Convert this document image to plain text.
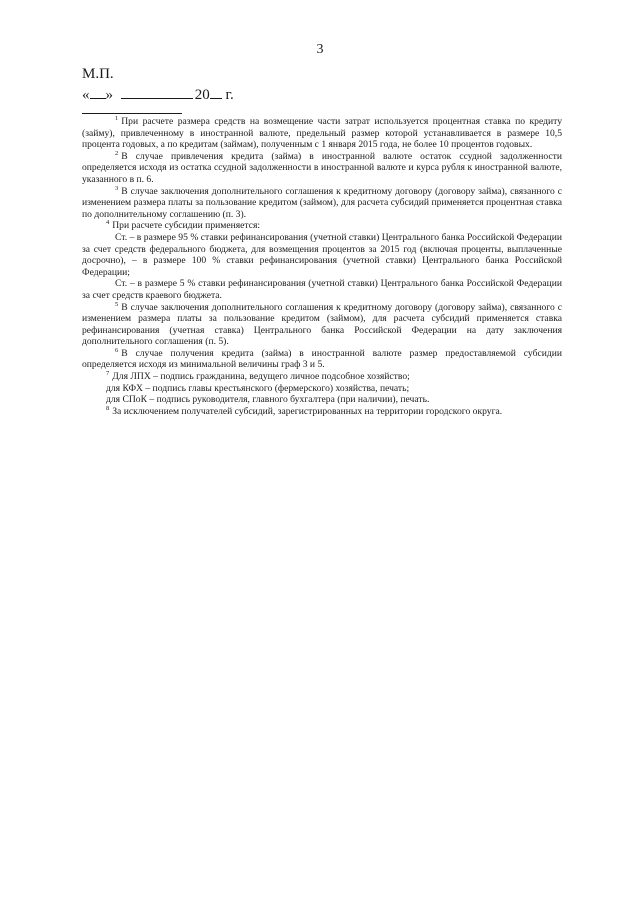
3
М.П.
« »	20 г.

$^1$ При расчете размера средств на возмещение части затрат используется процентная ставка по кредиту (займу), привлеченному в иностранной валюте, предельный размер которой устанавливается в размере 10,5 процента годовых, а по кредитам (займам), полученным с 1 января 2015 года, не более 10 процентов годовых.

$^2$ В случае привлечения кредита (займа) в иностранной валюте остаток ссудной задолженности определяется исходя из остатка ссудной задолженности в иностранной валюте и курса рубля к иностранной валюте, указанного в п. 6.

$^3$ В случае заключения дополнительного соглашения к кредитному договору (договору займа), связанного с изменением размера платы за пользование кредитом (займом), для расчета субсидий применяется процентная ставка по дополнительному соглашению (п. 3).

$^4$ При расчете субсидии применяется:

Ст. – в размере 95 % ставки рефинансирования (учетной ставки) Центрального банка Российской Федерации за счет средств федерального бюджета, для возмещения процентов за 2015 год (включая проценты, выплаченные досрочно), – в размере 100 % ставки рефинансирования (учетной ставки) Центрального банка Российской Федерации;

Ст. – в размере 5 % ставки рефинансирования (учетной ставки) Центрального банка Российской Федерации за счет средств краевого бюджета.

$^5$ В случае заключения дополнительного соглашения к кредитному договору (договору займа), связанного с изменением размера платы за пользование кредитом (займом), для расчета субсидий применяется ставка рефинансирования (учетная ставка) Центрального банка Российской Федерации на дату заключения дополнительного соглашения (п. 5).

$^6$ В случае получения кредита (займа) в иностранной валюте размер предоставляемой субсидии определяется исходя из минимальной величины граф 3 и 5.

$^7$ Для ЛПХ – подпись гражданина, ведущего личное подсобное хозяйство;

для КФХ – подпись главы крестьянского (фермерского) хозяйства, печать;

для СПоК – подпись руководителя, главного бухгалтера (при наличии), печать.

$^8$ За исключением получателей субсидий, зарегистрированных на территории городского округа.
